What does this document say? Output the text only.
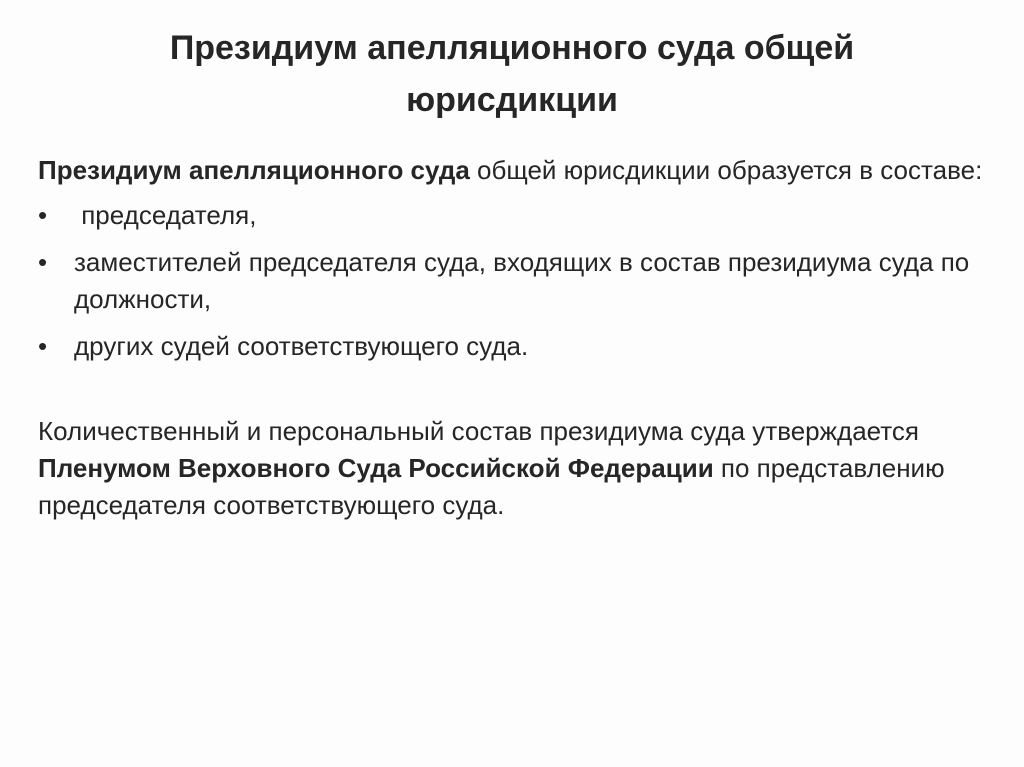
Президиум апелляционного суда общей юрисдикции

Президиум апелляционного суда общей юрисдикции образуется в составе:

• председателя,
• заместителей председателя суда, входящих в состав президиума суда по должности,
• других судей соответствующего суда.

Количественный и персональный состав президиума суда утверждается Пленумом Верховного Суда Российской Федерации по представлению председателя соответствующего суда.
